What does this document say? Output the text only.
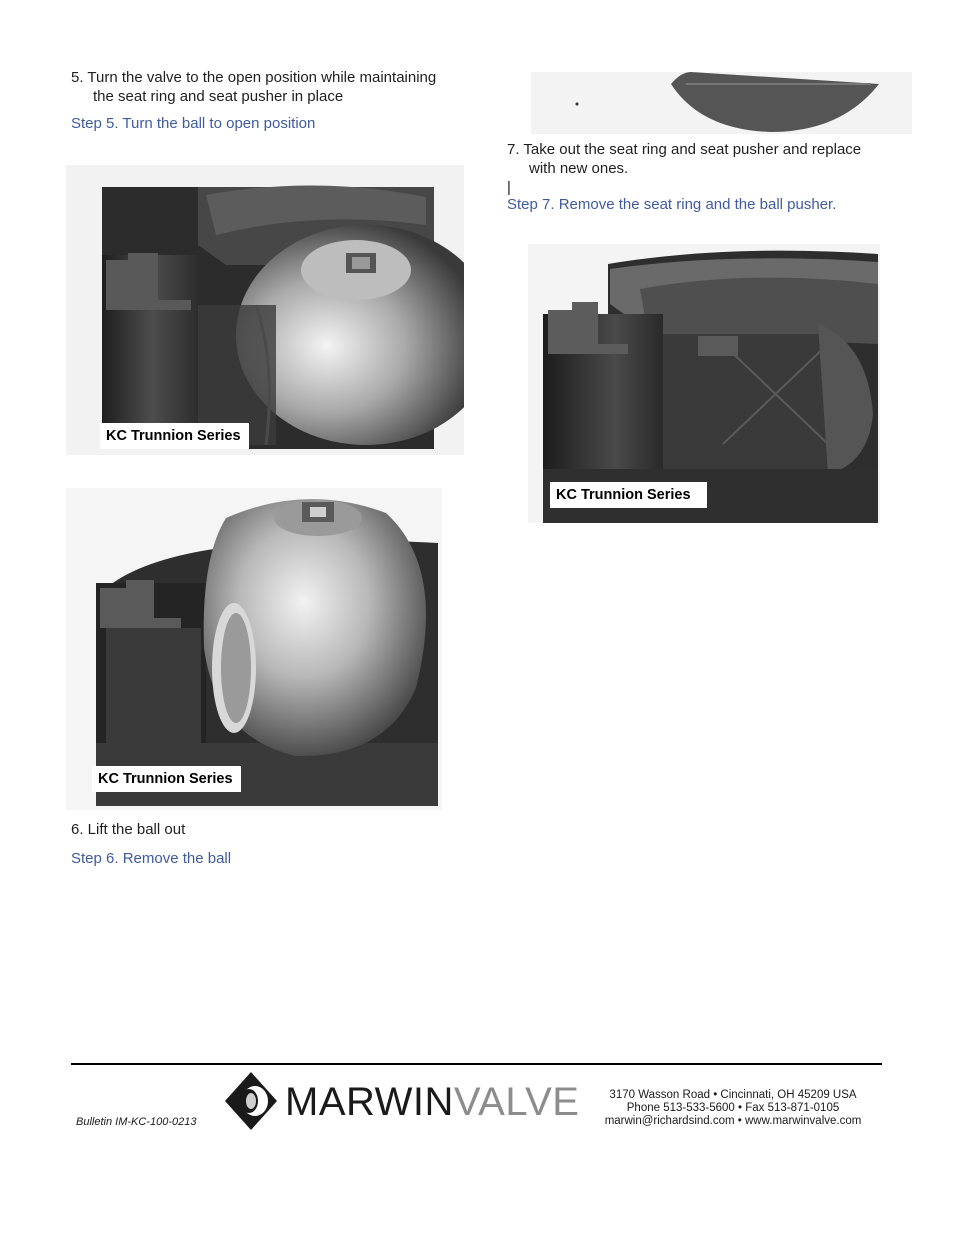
5. Turn the valve to the open position while maintaining
the seat ring and seat pusher in place
Step 5. Turn the ball to open position
KC Trunnion Series
KC Trunnion Series
6. Lift the ball out
Step 6. Remove the ball
7. Take out the seat ring and seat pusher and replace
with new ones.
|
Step 7. Remove the seat ring and the ball pusher.
KC Trunnion Series
Bulletin IM-KC-100-0213 MARWINVALVE	3170 Wasson Road • Cincinnati, OH 45209 USA
Phone 513-533-5600 • Fax 513-871-0105
marwin@richardsind.com • www.marwinvalve.com
